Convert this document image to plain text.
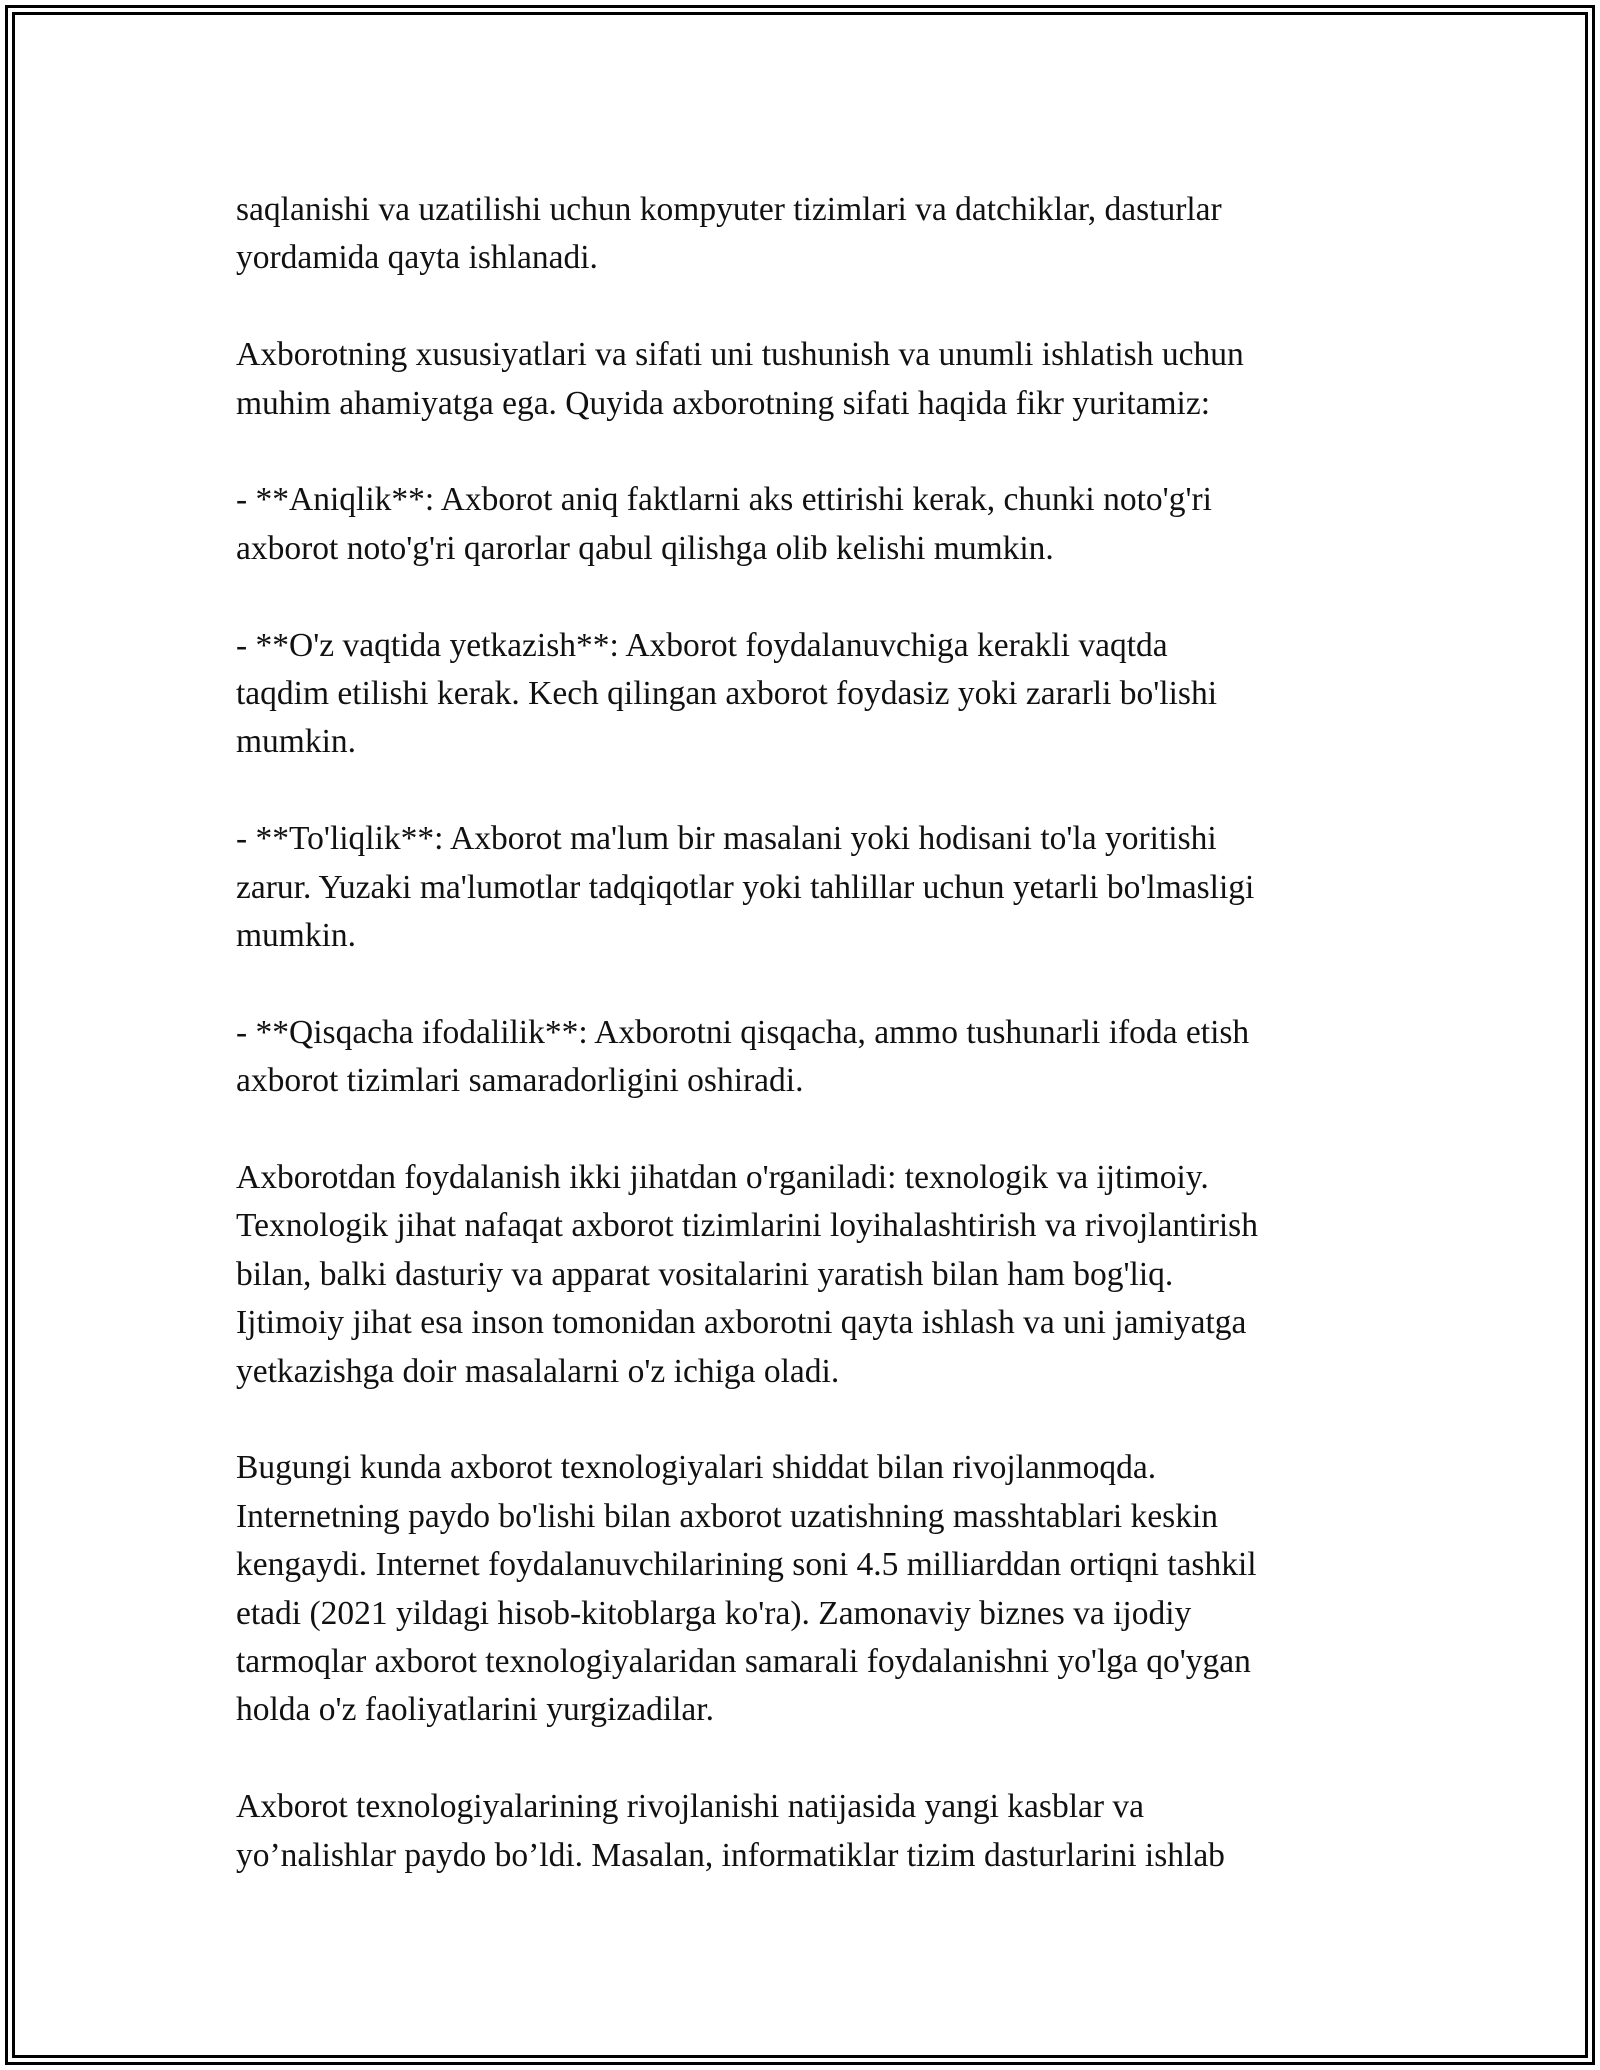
saqlanishi va uzatilishi uchun kompyuter tizimlari va datchiklar, dasturlar
yordamida qayta ishlanadi.

Axborotning xususiyatlari va sifati uni tushunish va unumli ishlatish uchun
muhim ahamiyatga ega. Quyida axborotning sifati haqida fikr yuritamiz:

- **Aniqlik**: Axborot aniq faktlarni aks ettirishi kerak, chunki noto'g'ri
axborot noto'g'ri qarorlar qabul qilishga olib kelishi mumkin.

- **O'z vaqtida yetkazish**: Axborot foydalanuvchiga kerakli vaqtda
taqdim etilishi kerak. Kech qilingan axborot foydasiz yoki zararli bo'lishi
mumkin.

- **To'liqlik**: Axborot ma'lum bir masalani yoki hodisani to'la yoritishi
zarur. Yuzaki ma'lumotlar tadqiqotlar yoki tahlillar uchun yetarli bo'lmasligi
mumkin.

- **Qisqacha ifodalilik**: Axborotni qisqacha, ammo tushunarli ifoda etish
axborot tizimlari samaradorligini oshiradi.

Axborotdan foydalanish ikki jihatdan o'rganiladi: texnologik va ijtimoiy.
Texnologik jihat nafaqat axborot tizimlarini loyihalashtirish va rivojlantirish
bilan, balki dasturiy va apparat vositalarini yaratish bilan ham bog'liq.
Ijtimoiy jihat esa inson tomonidan axborotni qayta ishlash va uni jamiyatga
yetkazishga doir masalalarni o'z ichiga oladi.

Bugungi kunda axborot texnologiyalari shiddat bilan rivojlanmoqda.
Internetning paydo bo'lishi bilan axborot uzatishning masshtablari keskin
kengaydi. Internet foydalanuvchilarining soni 4.5 milliarddan ortiqni tashkil
etadi (2021 yildagi hisob-kitoblarga ko'ra). Zamonaviy biznes va ijodiy
tarmoqlar axborot texnologiyalaridan samarali foydalanishni yo'lga qo'ygan
holda o'z faoliyatlarini yurgizadilar.

Axborot texnologiyalarining rivojlanishi natijasida yangi kasblar va
yo’nalishlar paydo bo’ldi. Masalan, informatiklar tizim dasturlarini ishlab
